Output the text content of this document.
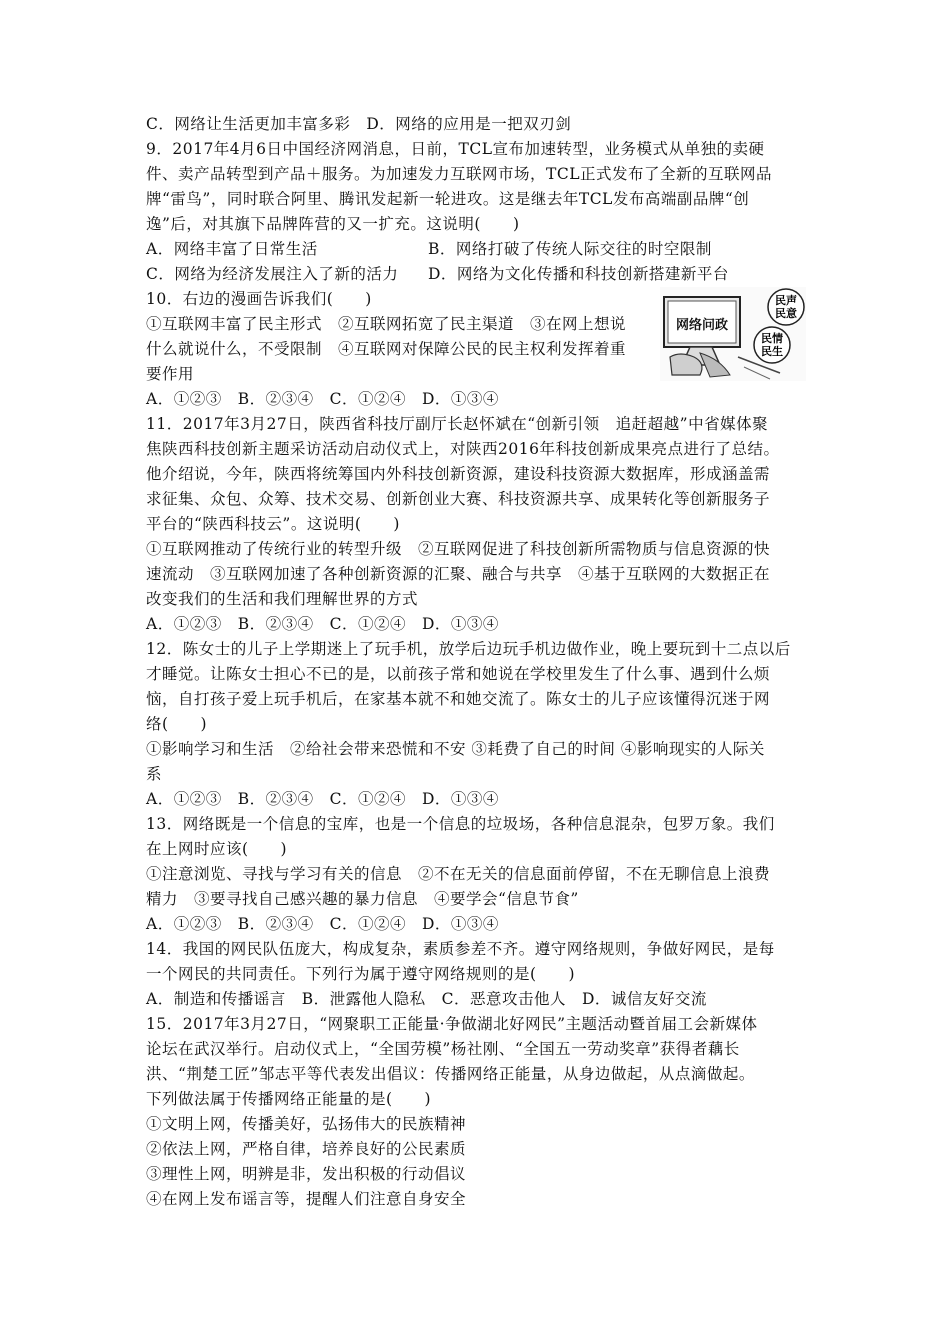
C．网络让生活更加丰富多彩　D．网络的应用是一把双刃剑
9．2017年4月6日中国经济网消息，日前，TCL宣布加速转型，业务模式从单独的卖硬
件、卖产品转型到产品＋服务。为加速发力互联网市场，TCL正式发布了全新的互联网品
牌“雷鸟”，同时联合阿里、腾讯发起新一轮进攻。这是继去年TCL发布高端副品牌“创
逸”后，对其旗下品牌阵营的又一扩充。这说明(　　)
A．网络丰富了日常生活	B．网络打破了传统人际交往的时空限制
C．网络为经济发展注入了新的活力 D．网络为文化传播和科技创新搭建新平台
10．右边的漫画告诉我们(　　)
①互联网丰富了民主形式　②互联网拓宽了民主渠道　③在网上想说
什么就说什么，不受限制　④互联网对保障公民的民主权利发挥着重
要作用
网络问政
民声
民意
民情
民生
A．①②③　B．②③④　C．①②④　D．①③④
11．2017年3月27日，陕西省科技厅副厅长赵怀斌在“创新引领　追赶超越”中省媒体聚
焦陕西科技创新主题采访活动启动仪式上，对陕西2016年科技创新成果亮点进行了总结。
他介绍说，今年，陕西将统筹国内外科技创新资源，建设科技资源大数据库，形成涵盖需
求征集、众包、众筹、技术交易、创新创业大赛、科技资源共享、成果转化等创新服务子
平台的“陕西科技云”。这说明(　　)
①互联网推动了传统行业的转型升级　②互联网促进了科技创新所需物质与信息资源的快
速流动　③互联网加速了各种创新资源的汇聚、融合与共享　④基于互联网的大数据正在
改变我们的生活和我们理解世界的方式
A．①②③　B．②③④　C．①②④　D．①③④
12．陈女士的儿子上学期迷上了玩手机，放学后边玩手机边做作业，晚上要玩到十二点以后
才睡觉。让陈女士担心不已的是，以前孩子常和她说在学校里发生了什么事、遇到什么烦
恼，自打孩子爱上玩手机后，在家基本就不和她交流了。陈女士的儿子应该懂得沉迷于网
络(　　)
①影响学习和生活　②给社会带来恐慌和不安 ③耗费了自己的时间 ④影响现实的人际关
系
A．①②③　B．②③④　C．①②④　D．①③④
13．网络既是一个信息的宝库，也是一个信息的垃圾场，各种信息混杂，包罗万象。我们
在上网时应该(　　)
①注意浏览、寻找与学习有关的信息　②不在无关的信息面前停留，不在无聊信息上浪费
精力　③要寻找自己感兴趣的暴力信息　④要学会“信息节食”
A．①②③　B．②③④　C．①②④　D．①③④
14．我国的网民队伍庞大，构成复杂，素质参差不齐。遵守网络规则，争做好网民，是每
一个网民的共同责任。下列行为属于遵守网络规则的是(　　)
A．制造和传播谣言　B．泄露他人隐私　C．恶意攻击他人　D．诚信友好交流
15．2017年3月27日，“网聚职工正能量·争做湖北好网民”主题活动暨首届工会新媒体
论坛在武汉举行。启动仪式上，“全国劳模”杨社刚、“全国五一劳动奖章”获得者藕长
洪、“荆楚工匠”邹志平等代表发出倡议：传播网络正能量，从身边做起，从点滴做起。
下列做法属于传播网络正能量的是(　　)
①文明上网，传播美好，弘扬伟大的民族精神
②依法上网，严格自律，培养良好的公民素质
③理性上网，明辨是非，发出积极的行动倡议
④在网上发布谣言等，提醒人们注意自身安全
